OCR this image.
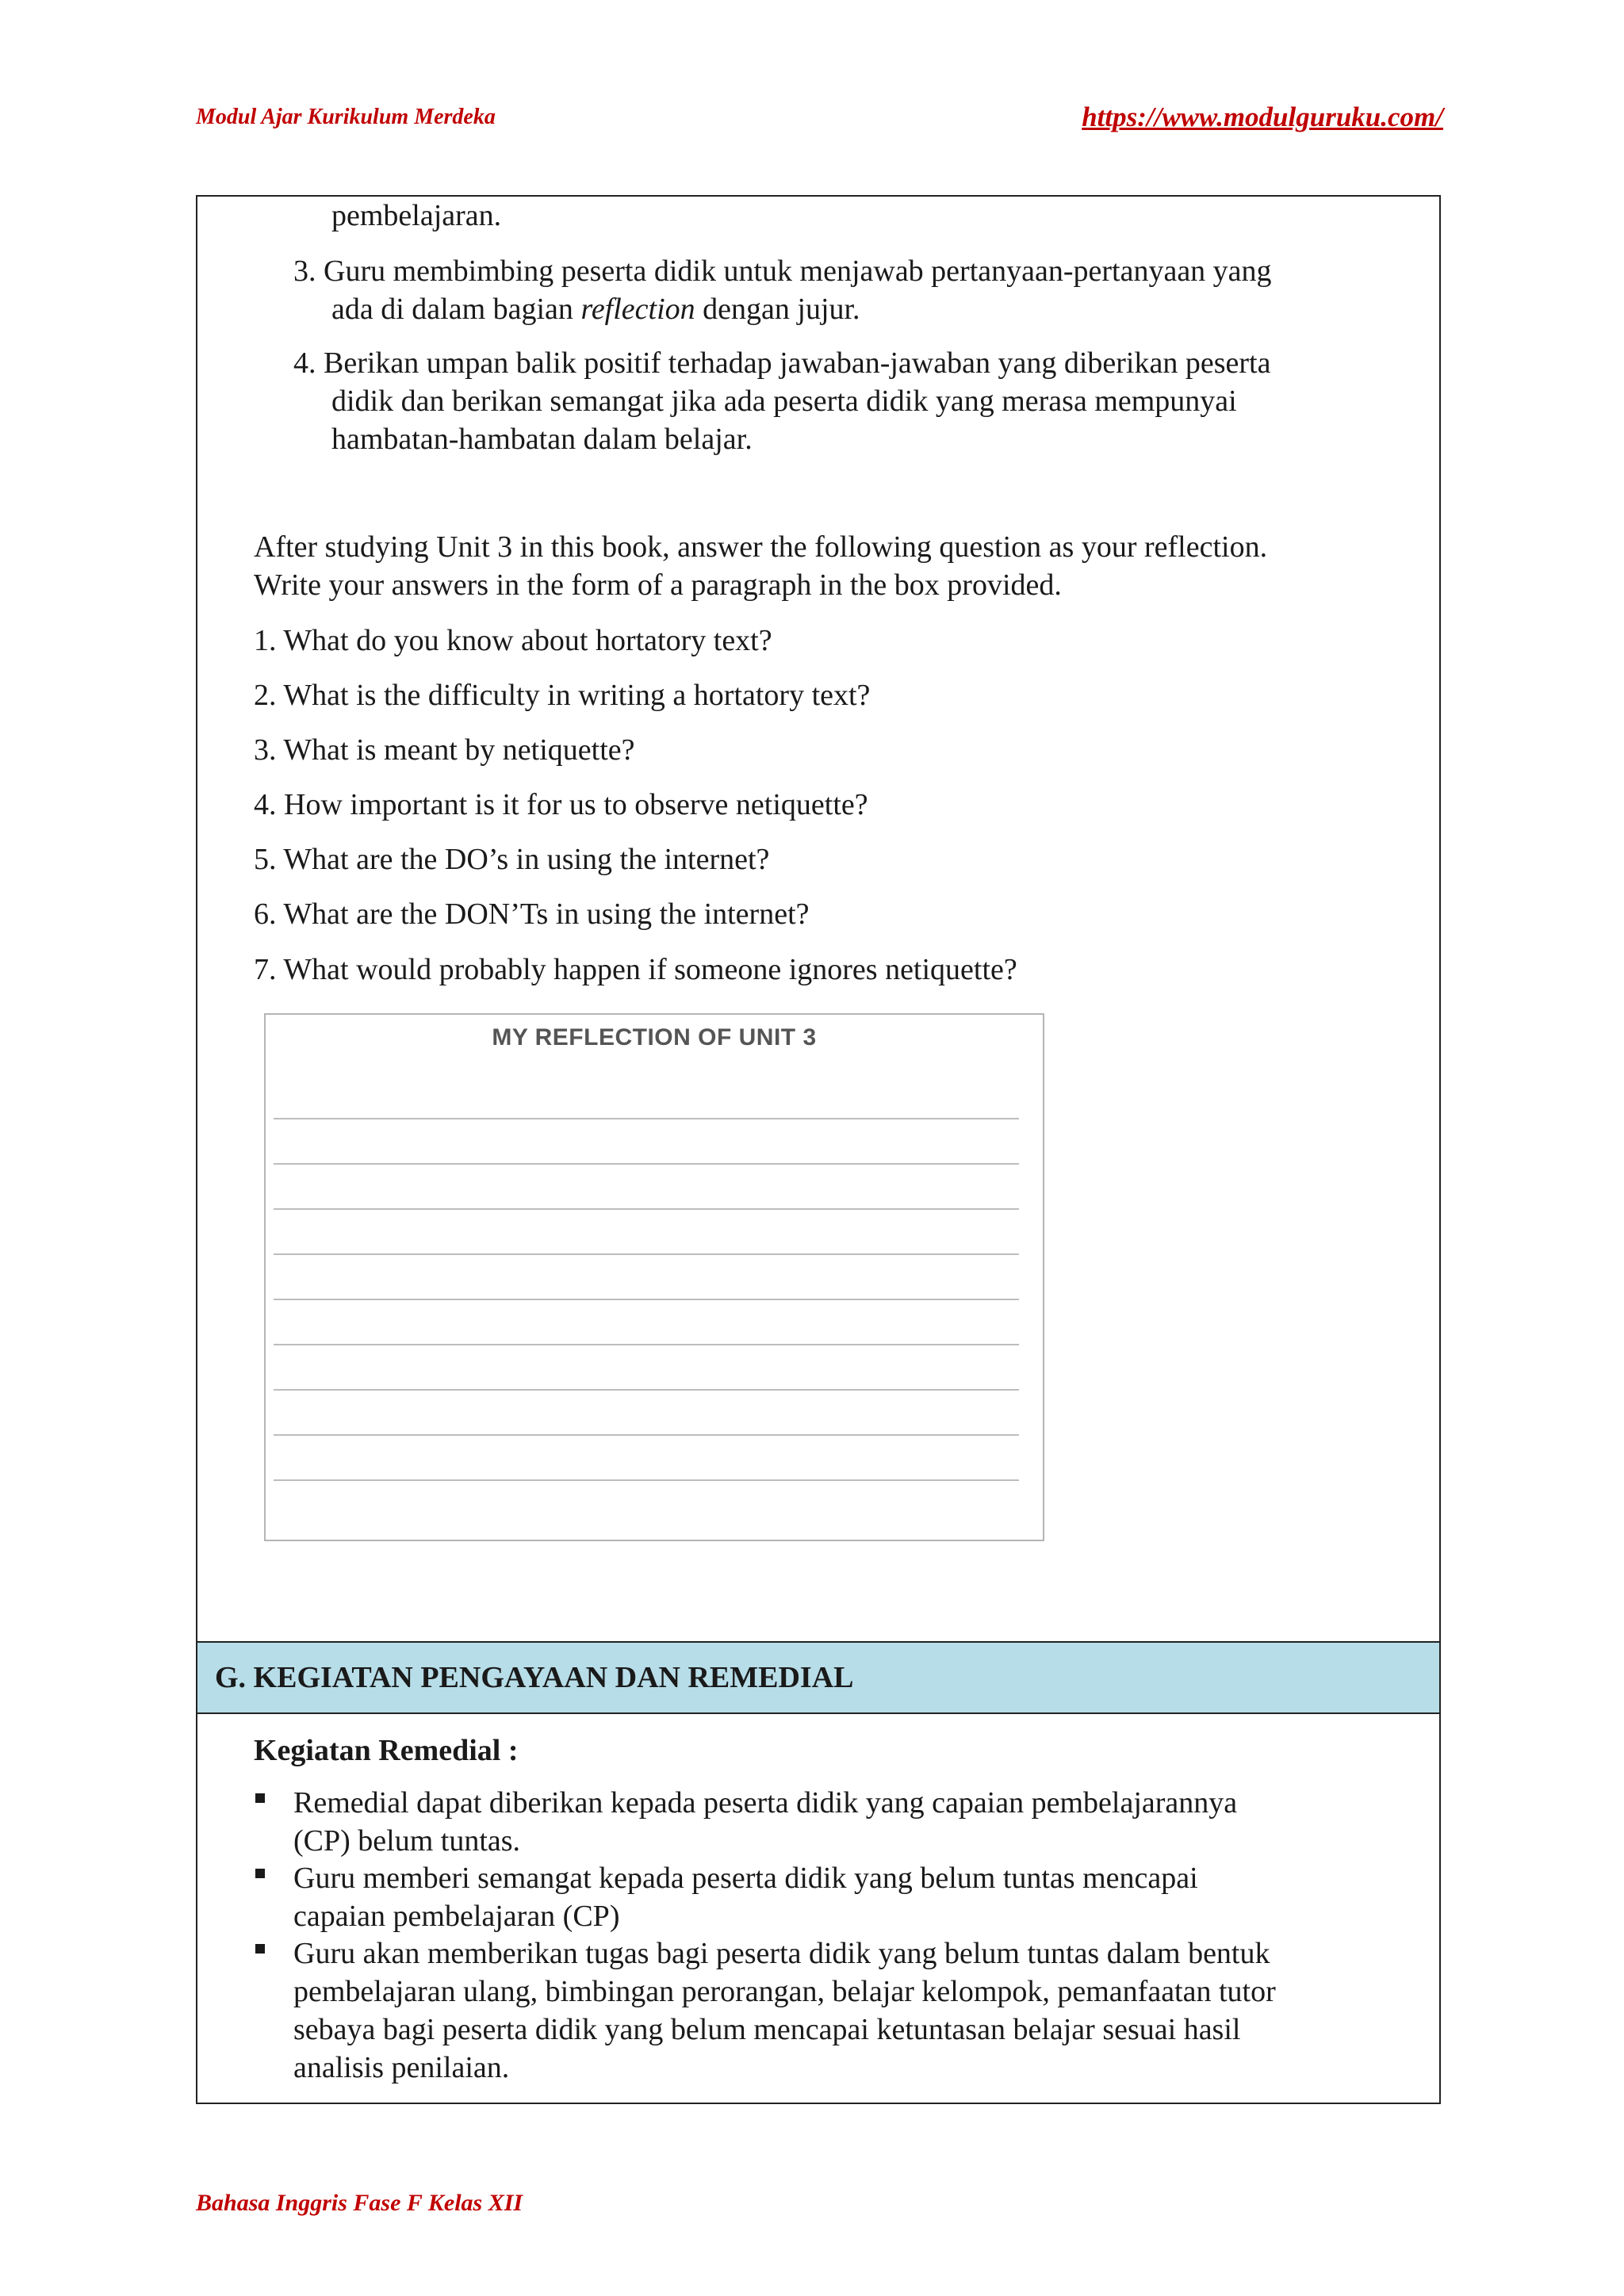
Modul Ajar Kurikulum Merdeka	https://www.modulguruku.com/
G. KEGIATAN PENGAYAAN DAN REMEDIAL
pembelajaran.
3. Guru membimbing peserta didik untuk menjawab pertanyaan-pertanyaan yang
ada di dalam bagian reflection dengan jujur.
4. Berikan umpan balik positif terhadap jawaban-jawaban yang diberikan peserta
didik dan berikan semangat jika ada peserta didik yang merasa mempunyai
hambatan-hambatan dalam belajar.
After studying Unit 3 in this book, answer the following question as your reflection.
Write your answers in the form of a paragraph in the box provided.
1. What do you know about hortatory text?
2. What is the difficulty in writing a hortatory text?
3. What is meant by netiquette?
4. How important is it for us to observe netiquette?
5. What are the DO’s in using the internet?
6. What are the DON’Ts in using the internet?
7. What would probably happen if someone ignores netiquette?
MY REFLECTION OF UNIT 3
Kegiatan Remedial :
Remedial dapat diberikan kepada peserta didik yang capaian pembelajarannya
(CP) belum tuntas.
Guru memberi semangat kepada peserta didik yang belum tuntas mencapai
capaian pembelajaran (CP)
Guru akan memberikan tugas bagi peserta didik yang belum tuntas dalam bentuk
pembelajaran ulang, bimbingan perorangan, belajar kelompok, pemanfaatan tutor
sebaya bagi peserta didik yang belum mencapai ketuntasan belajar sesuai hasil
analisis penilaian.
Bahasa Inggris Fase F Kelas XII
